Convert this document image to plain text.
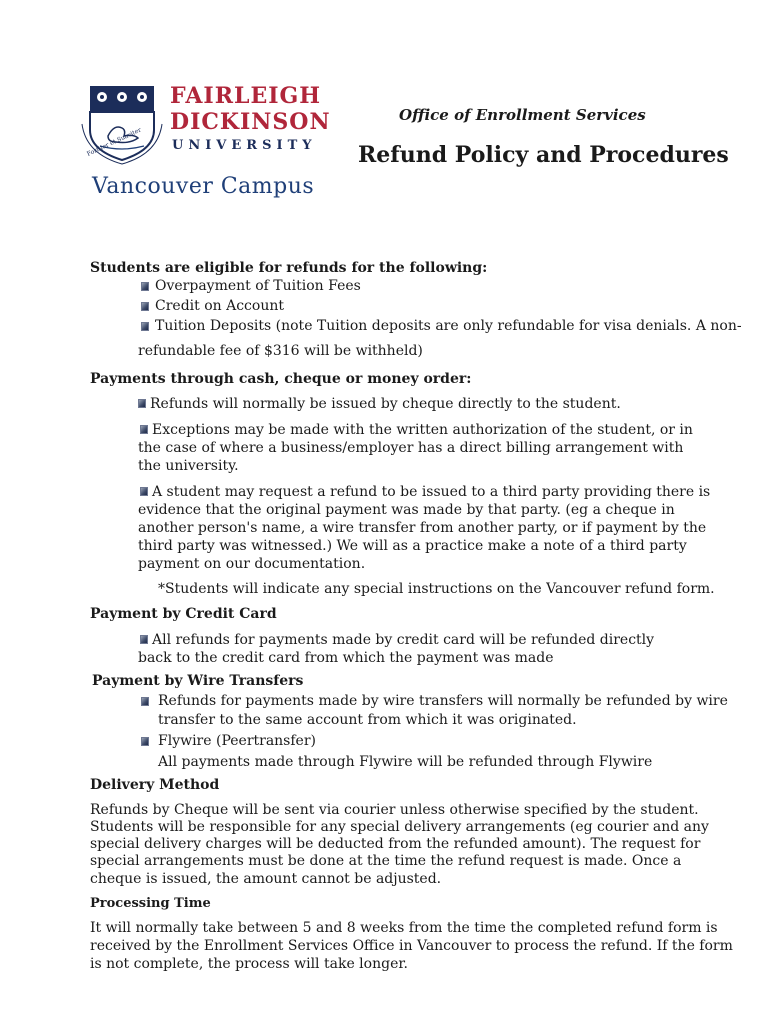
Fortiter et Suaviter
FAIRLEIGH
DICKINSON
UNIVERSITY
Vancouver Campus
Office of Enrollment Services
Refund Policy and Procedures
Students are eligible for refunds for the following:
Overpayment of Tuition Fees
Credit on Account
Tuition Deposits (note Tuition deposits are only refundable for visa denials. A non-
refundable fee of $316 will be withheld)
Payments through cash, cheque or money order:
Refunds will normally be issued by cheque directly to the student.
Exceptions may be made with the written authorization of the student, or in
the case of where a business/employer has a direct billing arrangement with
the university.
A student may request a refund to be issued to a third party providing there is
evidence that the original payment was made by that party. (eg a cheque in
another person's name, a wire transfer from another party, or if payment by the
third party was witnessed.) We will as a practice make a note of a third party
payment on our documentation.
*Students will indicate any special instructions on the Vancouver refund form.
Payment by Credit Card
All refunds for payments made by credit card will be refunded directly
back to the credit card from which the payment was made
Payment by Wire Transfers
Refunds for payments made by wire transfers will normally be refunded by wire
transfer to the same account from which it was originated.
Flywire (Peertransfer)
All payments made through Flywire will be refunded through Flywire
Delivery Method
Refunds by Cheque will be sent via courier unless otherwise specified by the student.
Students will be responsible for any special delivery arrangements (eg courier and any
special delivery charges will be deducted from the refunded amount). The request for
special arrangements must be done at the time the refund request is made. Once a
cheque is issued, the amount cannot be adjusted.
Processing Time
It will normally take between 5 and 8 weeks from the time the completed refund form is
received by the Enrollment Services Office in Vancouver to process the refund. If the form
is not complete, the process will take longer.
